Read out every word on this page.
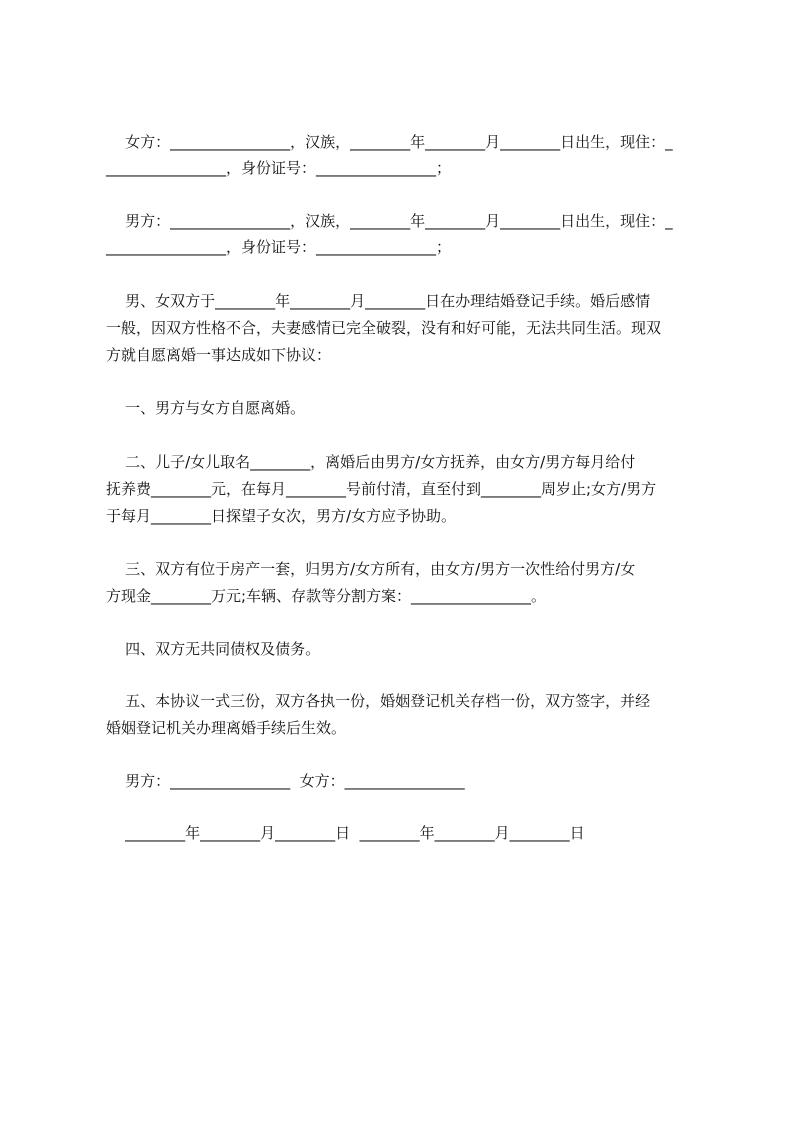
女方：________________，汉族，________年________月________日出生，现住：_
________________，身份证号：________________；
男方：________________，汉族，________年________月________日出生，现住：_
________________，身份证号：________________；
男、女双方于________年________月________日在办理结婚登记手续。婚后感情
一般，因双方性格不合，夫妻感情已完全破裂，没有和好可能，无法共同生活。现双
方就自愿离婚一事达成如下协议：
一、男方与女方自愿离婚。
二、儿子/女儿取名________，离婚后由男方/女方抚养，由女方/男方每月给付
抚养费________元，在每月________号前付清，直至付到________周岁止;女方/男方
于每月________日探望子女次，男方/女方应予协助。
三、双方有位于房产一套，归男方/女方所有，由女方/男方一次性给付男方/女
方现金________万元;车辆、存款等分割方案：________________。
四、双方无共同债权及债务。
五、本协议一式三份，双方各执一份，婚姻登记机关存档一份，双方签字，并经
婚姻登记机关办理离婚手续后生效。
男方：________________  女方：________________
________年________月________日  ________年________月________日
